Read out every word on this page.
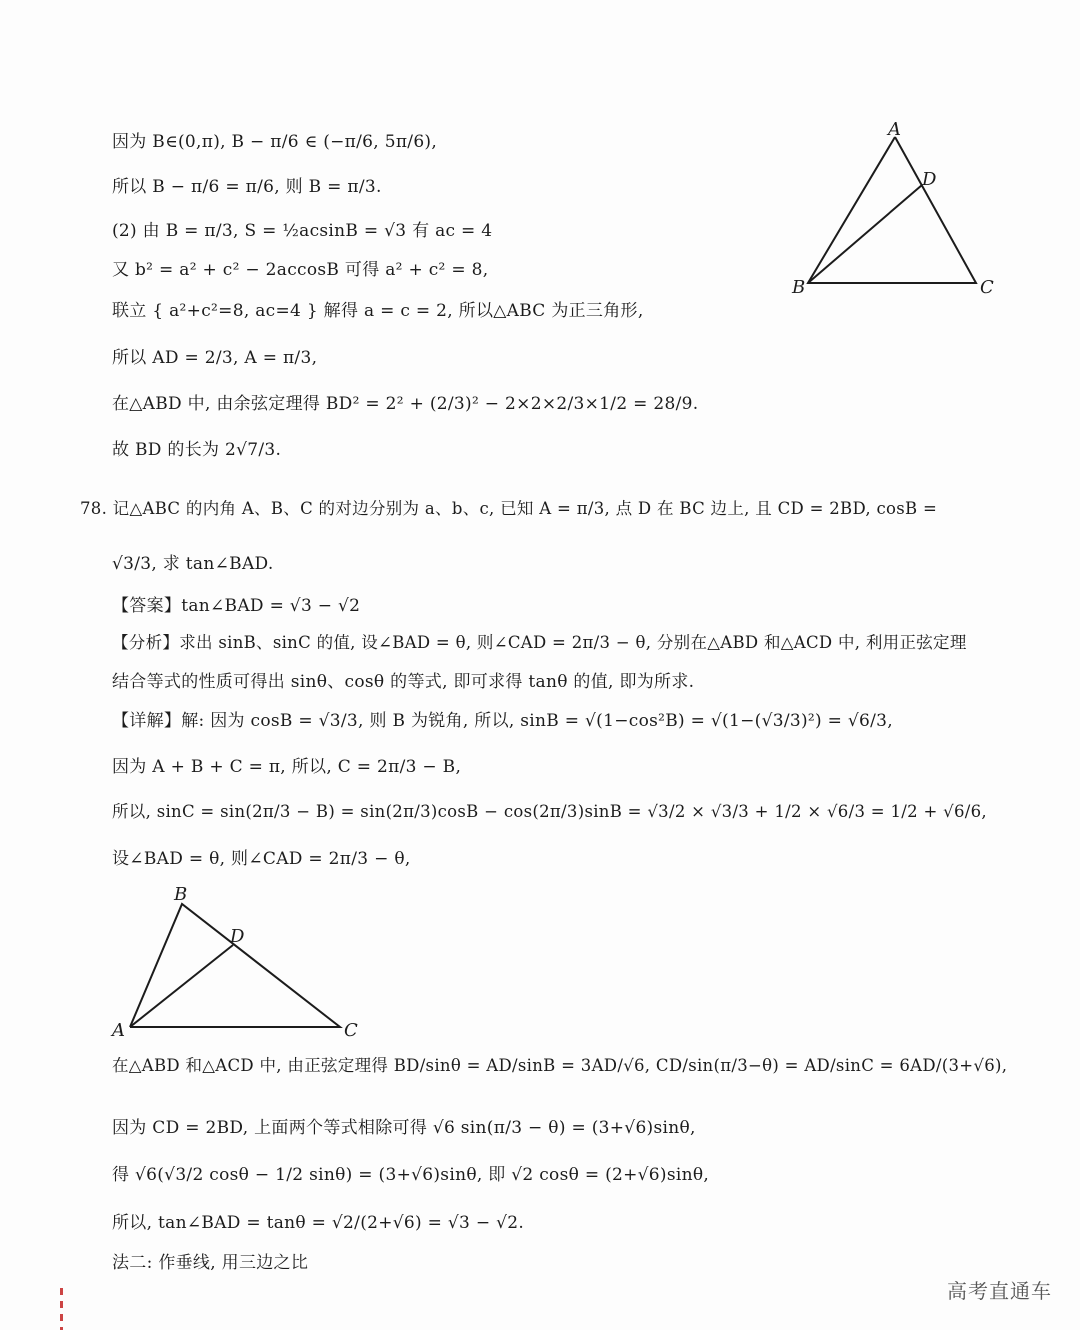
A
D
B	C
因为 B∈(0,π), B − π/6 ∈ (−π/6, 5π/6),
所以 B − π/6 = π/6, 则 B = π/3.
(2) 由 B = π/3, S = ½acsinB = √3 有 ac = 4
又 b² = a² + c² − 2accosB 可得 a² + c² = 8,
联立 { a²+c²=8, ac=4 } 解得 a = c = 2, 所以△ABC 为正三角形,
所以 AD = 2/3, A = π/3,
在△ABD 中, 由余弦定理得 BD² = 2² + (2/3)² − 2×2×2/3×1/2 = 28/9.
故 BD 的长为 2√7/3.
78. 记△ABC 的内角 A、B、C 的对边分别为 a、b、c, 已知 A = π/3, 点 D 在 BC 边上, 且 CD = 2BD, cosB =
√3/3, 求 tan∠BAD.
【答案】tan∠BAD = √3 − √2
【分析】求出 sinB、sinC 的值, 设∠BAD = θ, 则∠CAD = 2π/3 − θ, 分别在△ABD 和△ACD 中, 利用正弦定理
结合等式的性质可得出 sinθ、cosθ 的等式, 即可求得 tanθ 的值, 即为所求.
【详解】解: 因为 cosB = √3/3, 则 B 为锐角, 所以, sinB = √(1−cos²B) = √(1−(√3/3)²) = √6/3,
因为 A + B + C = π, 所以, C = 2π/3 − B,
所以, sinC = sin(2π/3 − B) = sin(2π/3)cosB − cos(2π/3)sinB = √3/2 × √3/3 + 1/2 × √6/3 = 1/2 + √6/6,
设∠BAD = θ, 则∠CAD = 2π/3 − θ,
B
D
A	C
在△ABD 和△ACD 中, 由正弦定理得 BD/sinθ = AD/sinB = 3AD/√6, CD/sin(π/3−θ) = AD/sinC = 6AD/(3+√6),
因为 CD = 2BD, 上面两个等式相除可得 √6 sin(π/3 − θ) = (3+√6)sinθ,
得 √6(√3/2 cosθ − 1/2 sinθ) = (3+√6)sinθ, 即 √2 cosθ = (2+√6)sinθ,
所以, tan∠BAD = tanθ = √2/(2+√6) = √3 − √2.
法二: 作垂线, 用三边之比
高考直通车
